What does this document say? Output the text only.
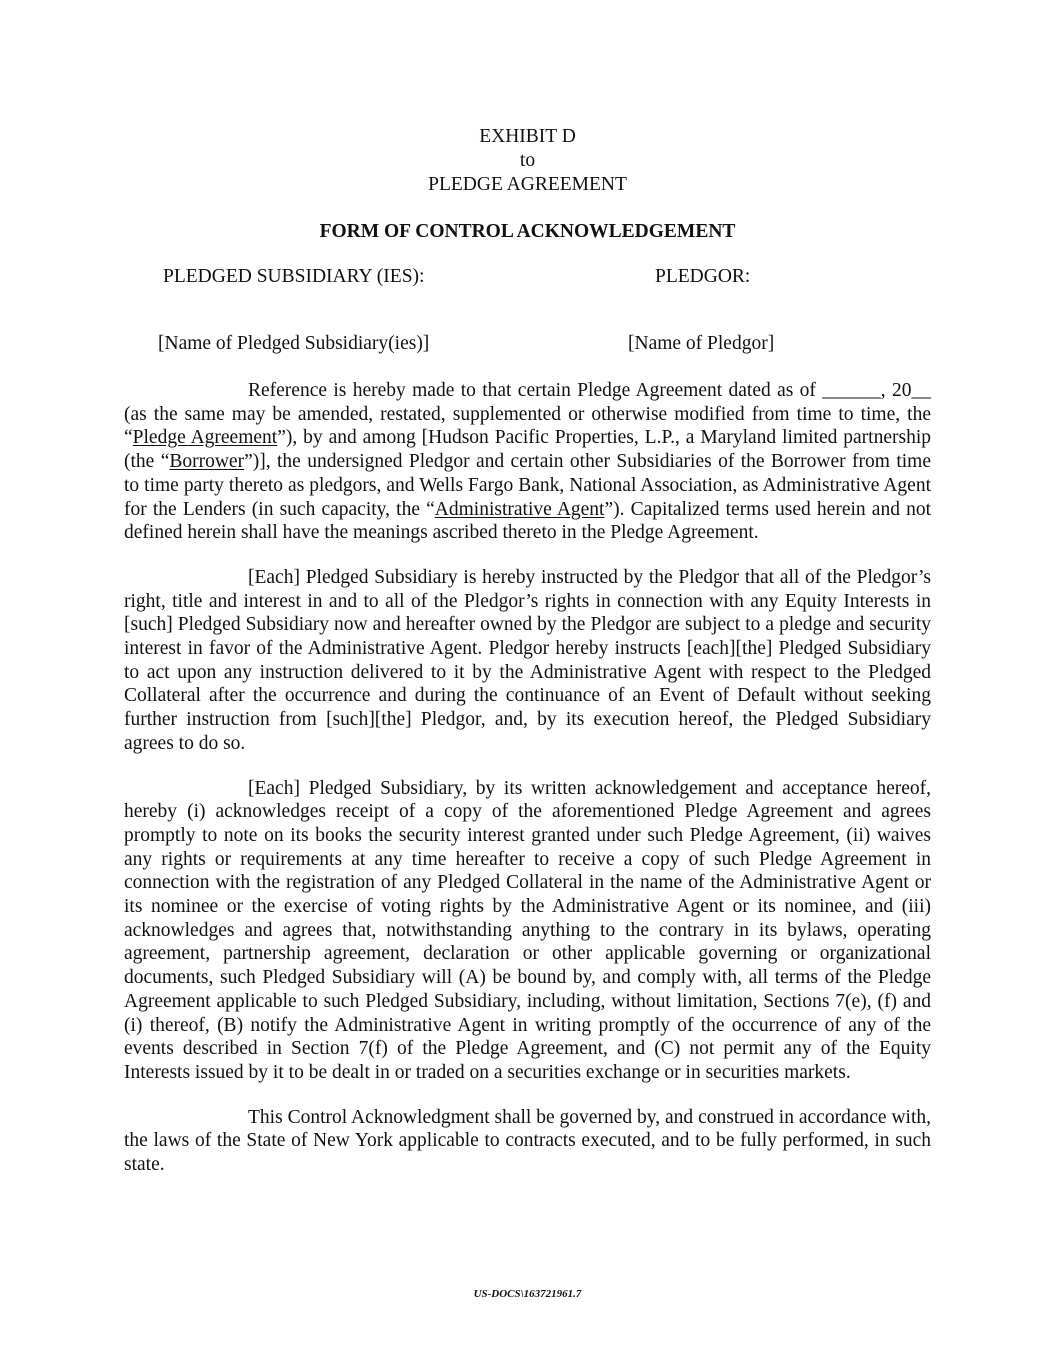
EXHIBIT D
to
PLEDGE AGREEMENT
FORM OF CONTROL ACKNOWLEDGEMENT
PLEDGED SUBSIDIARY (IES):	PLEDGOR:
[Name of Pledged Subsidiary(ies)]	[Name of Pledgor]

Reference is hereby made to that certain Pledge Agreement dated as of ______, 20__ (as the same may be amended, restated, supplemented or otherwise modified from time to time, the “Pledge Agreement”), by and among [Hudson Pacific Properties, L.P., a Maryland limited partnership (the “Borrower”)], the undersigned Pledgor and certain other Subsidiaries of the Borrower from time to time party thereto as pledgors, and Wells Fargo Bank, National Association, as Administrative Agent for the Lenders (in such capacity, the “Administrative Agent”). Capitalized terms used herein and not defined herein shall have the meanings ascribed thereto in the Pledge Agreement.

[Each] Pledged Subsidiary is hereby instructed by the Pledgor that all of the Pledgor’s right, title and interest in and to all of the Pledgor’s rights in connection with any Equity Interests in [such] Pledged Subsidiary now and hereafter owned by the Pledgor are subject to a pledge and security interest in favor of the Administrative Agent. Pledgor hereby instructs [each][the] Pledged Subsidiary to act upon any instruction delivered to it by the Administrative Agent with respect to the Pledged Collateral after the occurrence and during the continuance of an Event of Default without seeking further instruction from [such][the] Pledgor, and, by its execution hereof, the Pledged Subsidiary agrees to do so.

[Each] Pledged Subsidiary, by its written acknowledgement and acceptance hereof, hereby (i) acknowledges receipt of a copy of the aforementioned Pledge Agreement and agrees promptly to note on its books the security interest granted under such Pledge Agreement, (ii) waives any rights or requirements at any time hereafter to receive a copy of such Pledge Agreement in connection with the registration of any Pledged Collateral in the name of the Administrative Agent or its nominee or the exercise of voting rights by the Administrative Agent or its nominee, and (iii) acknowledges and agrees that, notwithstanding anything to the contrary in its bylaws, operating agreement, partnership agreement, declaration or other applicable governing or organizational documents, such Pledged Subsidiary will (A) be bound by, and comply with, all terms of the Pledge Agreement applicable to such Pledged Subsidiary, including, without limitation, Sections 7(e), (f) and (i) thereof, (B) notify the Administrative Agent in writing promptly of the occurrence of any of the events described in Section 7(f) of the Pledge Agreement, and (C) not permit any of the Equity Interests issued by it to be dealt in or traded on a securities exchange or in securities markets.

This Control Acknowledgment shall be governed by, and construed in accordance with, the laws of the State of New York applicable to contracts executed, and to be fully performed, in such state.

US-DOCS\163721961.7
